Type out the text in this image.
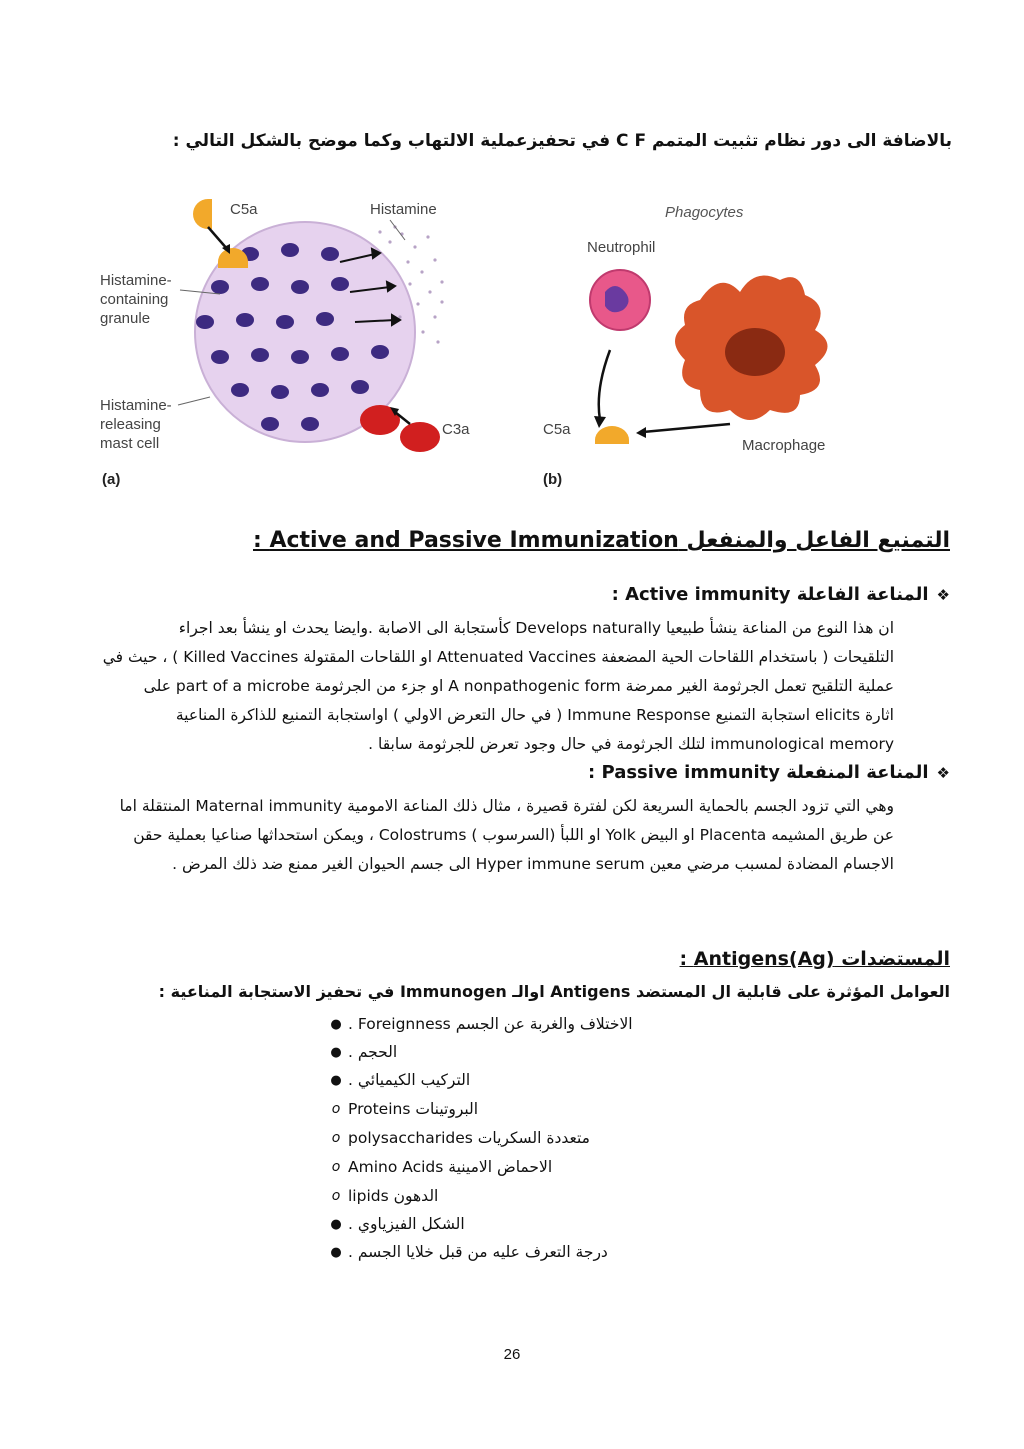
بالاضافة الى دور نظام تثبيت المتمم C F في تحفيزعملية الالتهاب وكما موضح بالشكل التالي :
C5a	Histamine
Histamine-
containing
granule
Histamine-
releasing
mast cell
C3a
(a)
Phagocytes
Neutrophil
C5a
Macrophage
(b)
التمنيع الفاعل والمنفعل Active and Passive Immunization :
❖المناعة الفاعلة Active immunity :
ان هذا النوع من المناعة ينشأ طبيعيا Develops naturally كأستجابة الى الاصابة .وايضا يحدث او ينشأ بعد اجراء
التلقيحات ( باستخدام اللقاحات الحية المضعفة Attenuated Vaccines او اللقاحات المقتولة Killed Vaccines ) ، حيث في
عملية التلقيح تعمل الجرثومة الغير ممرضة A nonpathogenic form او جزء من الجرثومة part of a microbe على
اثارة elicits استجابة التمنيع Immune Response ( في حال التعرض الاولي ) اواستجابة التمنيع للذاكرة المناعية
immunological memory لتلك الجرثومة في حال وجود تعرض للجرثومة سابقا .
❖المناعة المنفعلة Passive immunity :
وهي التي تزود الجسم بالحماية السريعة لكن لفترة قصيرة ، مثال ذلك المناعة الامومية Maternal immunity المنتقلة اما
عن طريق المشيمه Placenta او البيض Yolk او اللبأ (السرسوب ) Colostrums ، ويمكن استحداثها صناعيا بعملية حقن
الاجسام المضادة لمسبب مرضي معين Hyper immune serum الى جسم الحيوان الغير ممنع ضد ذلك المرض .
المستضدات Antigens(Ag) :
العوامل المؤثرة على قابلية ال المستضد Antigens اوالـ Immunogen في تحفيز الاستجابة المناعية :
● الاختلاف والغربة عن الجسم Foreignness .
● الحجم .
● التركيب الكيميائي .
o البروتينات Proteins
o متعددة السكريات polysaccharides
o الاحماض الامينية Amino Acids
o الدهون lipids
● الشكل الفيزياوي .
● درجة التعرف عليه من قبل خلايا الجسم .
26
